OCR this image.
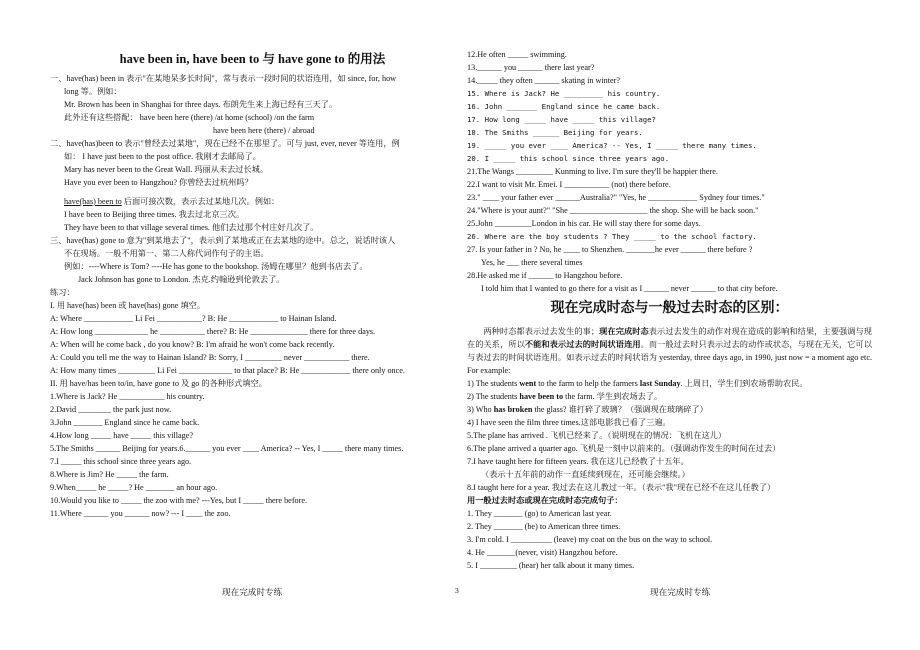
have been in, have been to 与 have gone to 的用法
一、have(has) been in 表示"在某地呆多长时间"，常与表示一段时间的状语连用，如 since, for, how
long 等。例如：
Mr. Brown has been in Shanghai for three days. 布朗先生来上海已经有三天了。
此外还有这些搭配： have been here (there) /at home (school) /on the farm
have been here (there) / abroad
二、have(has)been to 表示"曾经去过某地"，现在已经不在那里了。可与 just, ever, never 等连用，例
如： I have just been to the post office. 我刚才去邮局了。
Mary has never been to the Great Wall. 玛丽从未去过长城。
Have you ever been to Hangzhou? 你曾经去过杭州吗？
have(has) been to 后面可接次数，表示去过某地几次。例如：
I have been to Beijing three times. 我去过北京三次。
They have been to that village several times. 他们去过那个村庄好几次了。
三、have(has) gone to 意为"到某地去了"，表示到了某地或正在去某地的途中。总之，说话时该人
不在现场。一般不用第一、第二人称代词作句子的主语。
例如：----Where is Tom? ----He has gone to the bookshop. 汤姆在哪里？他到书店去了。
Jack Johnson has gone to London. 杰克.约翰逊到伦敦去了。
练习：
I. 用 have(has) been 或 have(has) gone 填空。
A: Where ____________ Li Fei ___________? B: He ____________ to Hainan Island.
A: How long _____________ he ___________ there? B: He ______________ there for three days.
A: When will he come back , do you know? B: I'm afraid he won't come back recently.
A: Could you tell me the way to Hainan Island? B: Sorry, I _________ never ___________ there.
A: How many times _________ Li Fei _____________ to that place? B: He ____________ there only once.
II. 用 have/has been to/in, have gone to 及 go 的各种形式填空。
1.Where is Jack? He ___________ his country.
2.David ________ the park just now.
3.John _______ England since he came back.
4.How long _____ have _____ this village?
5.The Smiths ______ Beijing for years.6.______ you ever ____ America? -- Yes, I _____ there many times.
7.I _____ this school since three years ago.
8.Where is Jim? He _____ the farm.
9.When_____ he _____? He _______ an hour ago.
10.Would you like to _____ the zoo with me? ---Yes, but I _____ there before.
11.Where ______ you ______ now? --- I ____ the zoo.
12.He often _____ swimming.
13.______ you ______ there last year?
14._____ they often ______ skating in winter?
15. Where is Jack? He _________ his country.
16. John _______ England since he came back.
17. How long _____ have _____ this village?
18. The Smiths ______ Beijing for years.
19. _____ you ever ____ America? -- Yes, I _____ there many times.
20. I _____ this school since three years ago.
21.The Wangs _________ Kunming to live. I'm sure they'll be happier there.
22.I want to visit Mr. Emei. I ___________ (not) there before.
23." ____ your father ever ______Australia?" "Yes, he ____________ Sydney four times."
24."Where is your aunt?" "She ___________________ the shop. She will be back soon."
25.John _________London in his car. He will stay there for some days.
26. Where are the boy students ? They _____ to the school factory.
27. Is your father in ? No, he ____ to Shenzhen. _______he ever ______ there before ?
Yes, he ___ there several times
28.He asked me if ______ to Hangzhou before.
I told him that I wanted to go there for a visit as I ______ never ______ to that city before.
现在完成时态与一般过去时态的区别：
两种时态都表示过去发生的事；现在完成时态表示过去发生的动作对现在造成的影响和结果，主要强调与现在的关系，所以不能和表示过去的时间状语连用。而一般过去时只表示过去的动作或状态，与现在无关，它可以与表过去的时间状语连用。如表示过去的时间状语为 yesterday, three days ago, in 1990, just now = a moment ago etc. For example:
1) The students went to the farm to help the farmers last Sunday. 上周日，学生们到农场帮助农民。
2) The students have been to the farm. 学生到农场去了。
3) Who has broken the glass? 谁打碎了玻璃？（强调现在玻璃碎了）
4) I have seen the film three times.这部电影我已看了三遍。
5.The plane has arrived . 飞机已经来了。（说明现在的情况：飞机在这儿）
6.The plane arrived a quarter ago. 飞机是一刻中以前来的。（强调动作发生的时间在过去）
7.I have taught here for fifteen years. 我在这儿已经教了十五年。
（表示十五年前的动作一直延续到现在，还可能会继续。）
8.I taught here for a year. 我过去在这儿教过一年。（表示"我"现在已经不在这儿任教了）
用一般过去时态或现在完成时态完成句子：
1. They _______ (go) to American last year.
2. They _______ (be) to American three times.
3. I'm cold. I __________ (leave) my coat on the bus on the way to school.
4. He _______(never, visit) Hangzhou before.
5. I _________ (hear) her talk about it many times.
现在完成时专练	3	现在完成时专练
